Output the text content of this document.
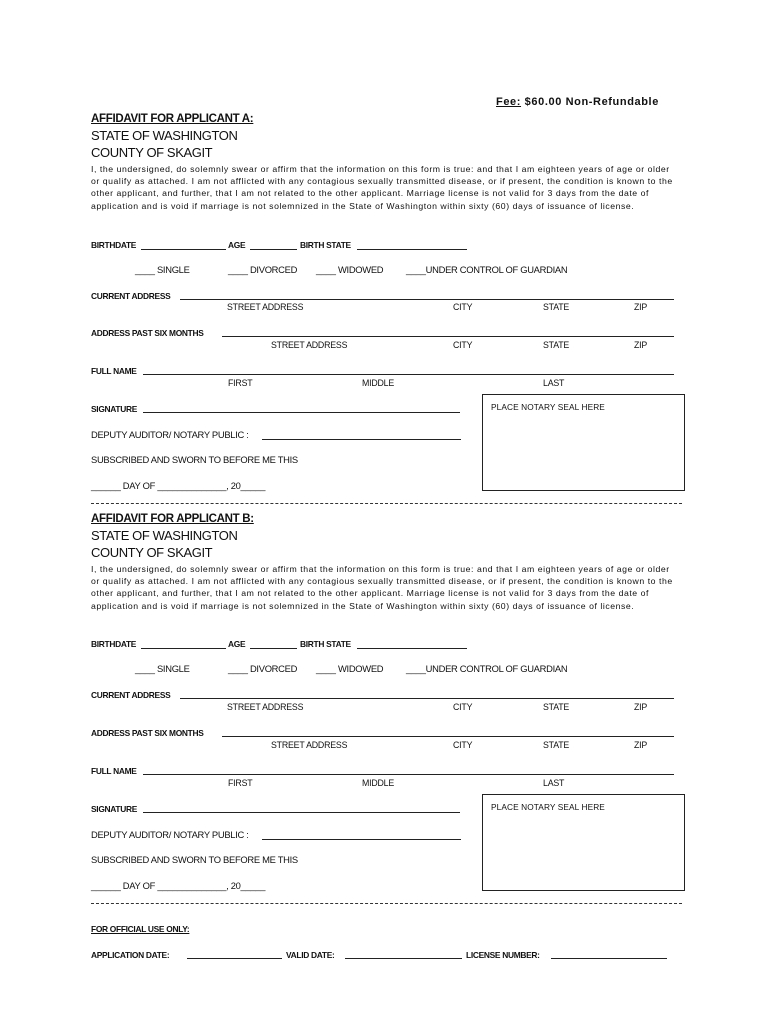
Fee: $60.00 Non-Refundable
AFFIDAVIT FOR APPLICANT A:
STATE OF WASHINGTON
COUNTY OF SKAGIT
I, the undersigned, do solemnly swear or affirm that the information on this form is true: and that I am eighteen years of age or older or qualify as attached. I am not afflicted with any contagious sexually transmitted disease, or if present, the condition is known to the other applicant, and further, that I am not related to the other applicant. Marriage license is not valid for 3 days from the date of application and is void if marriage is not solemnized in the State of Washington within sixty (60) days of issuance of license.
BIRTHDATE	AGE	BIRTH STATE
____ SINGLE	____ DIVORCED ____ WIDOWED ____UNDER CONTROL OF GUARDIAN
CURRENT ADDRESS
STREET ADDRESS	CITY	STATE	ZIP
ADDRESS PAST SIX MONTHS
STREET ADDRESS	CITY	STATE	ZIP
FULL NAME
FIRST	MIDDLE	LAST
SIGNATURE	PLACE NOTARY SEAL HERE
DEPUTY AUDITOR/ NOTARY PUBLIC :
SUBSCRIBED AND SWORN TO BEFORE ME THIS
______ DAY OF ______________, 20_____
AFFIDAVIT FOR APPLICANT B:
STATE OF WASHINGTON
COUNTY OF SKAGIT
I, the undersigned, do solemnly swear or affirm that the information on this form is true: and that I am eighteen years of age or older or qualify as attached. I am not afflicted with any contagious sexually transmitted disease, or if present, the condition is known to the other applicant, and further, that I am not related to the other applicant. Marriage license is not valid for 3 days from the date of application and is void if marriage is not solemnized in the State of Washington within sixty (60) days of issuance of license.
BIRTHDATE	AGE	BIRTH STATE
____ SINGLE	____ DIVORCED ____ WIDOWED ____UNDER CONTROL OF GUARDIAN
CURRENT ADDRESS
STREET ADDRESS	CITY	STATE	ZIP
ADDRESS PAST SIX MONTHS
STREET ADDRESS	CITY	STATE	ZIP
FULL NAME
FIRST	MIDDLE	LAST
SIGNATURE	PLACE NOTARY SEAL HERE
DEPUTY AUDITOR/ NOTARY PUBLIC :
SUBSCRIBED AND SWORN TO BEFORE ME THIS
______ DAY OF ______________, 20_____
FOR OFFICIAL USE ONLY:
APPLICATION DATE:	VALID DATE:	LICENSE NUMBER:
